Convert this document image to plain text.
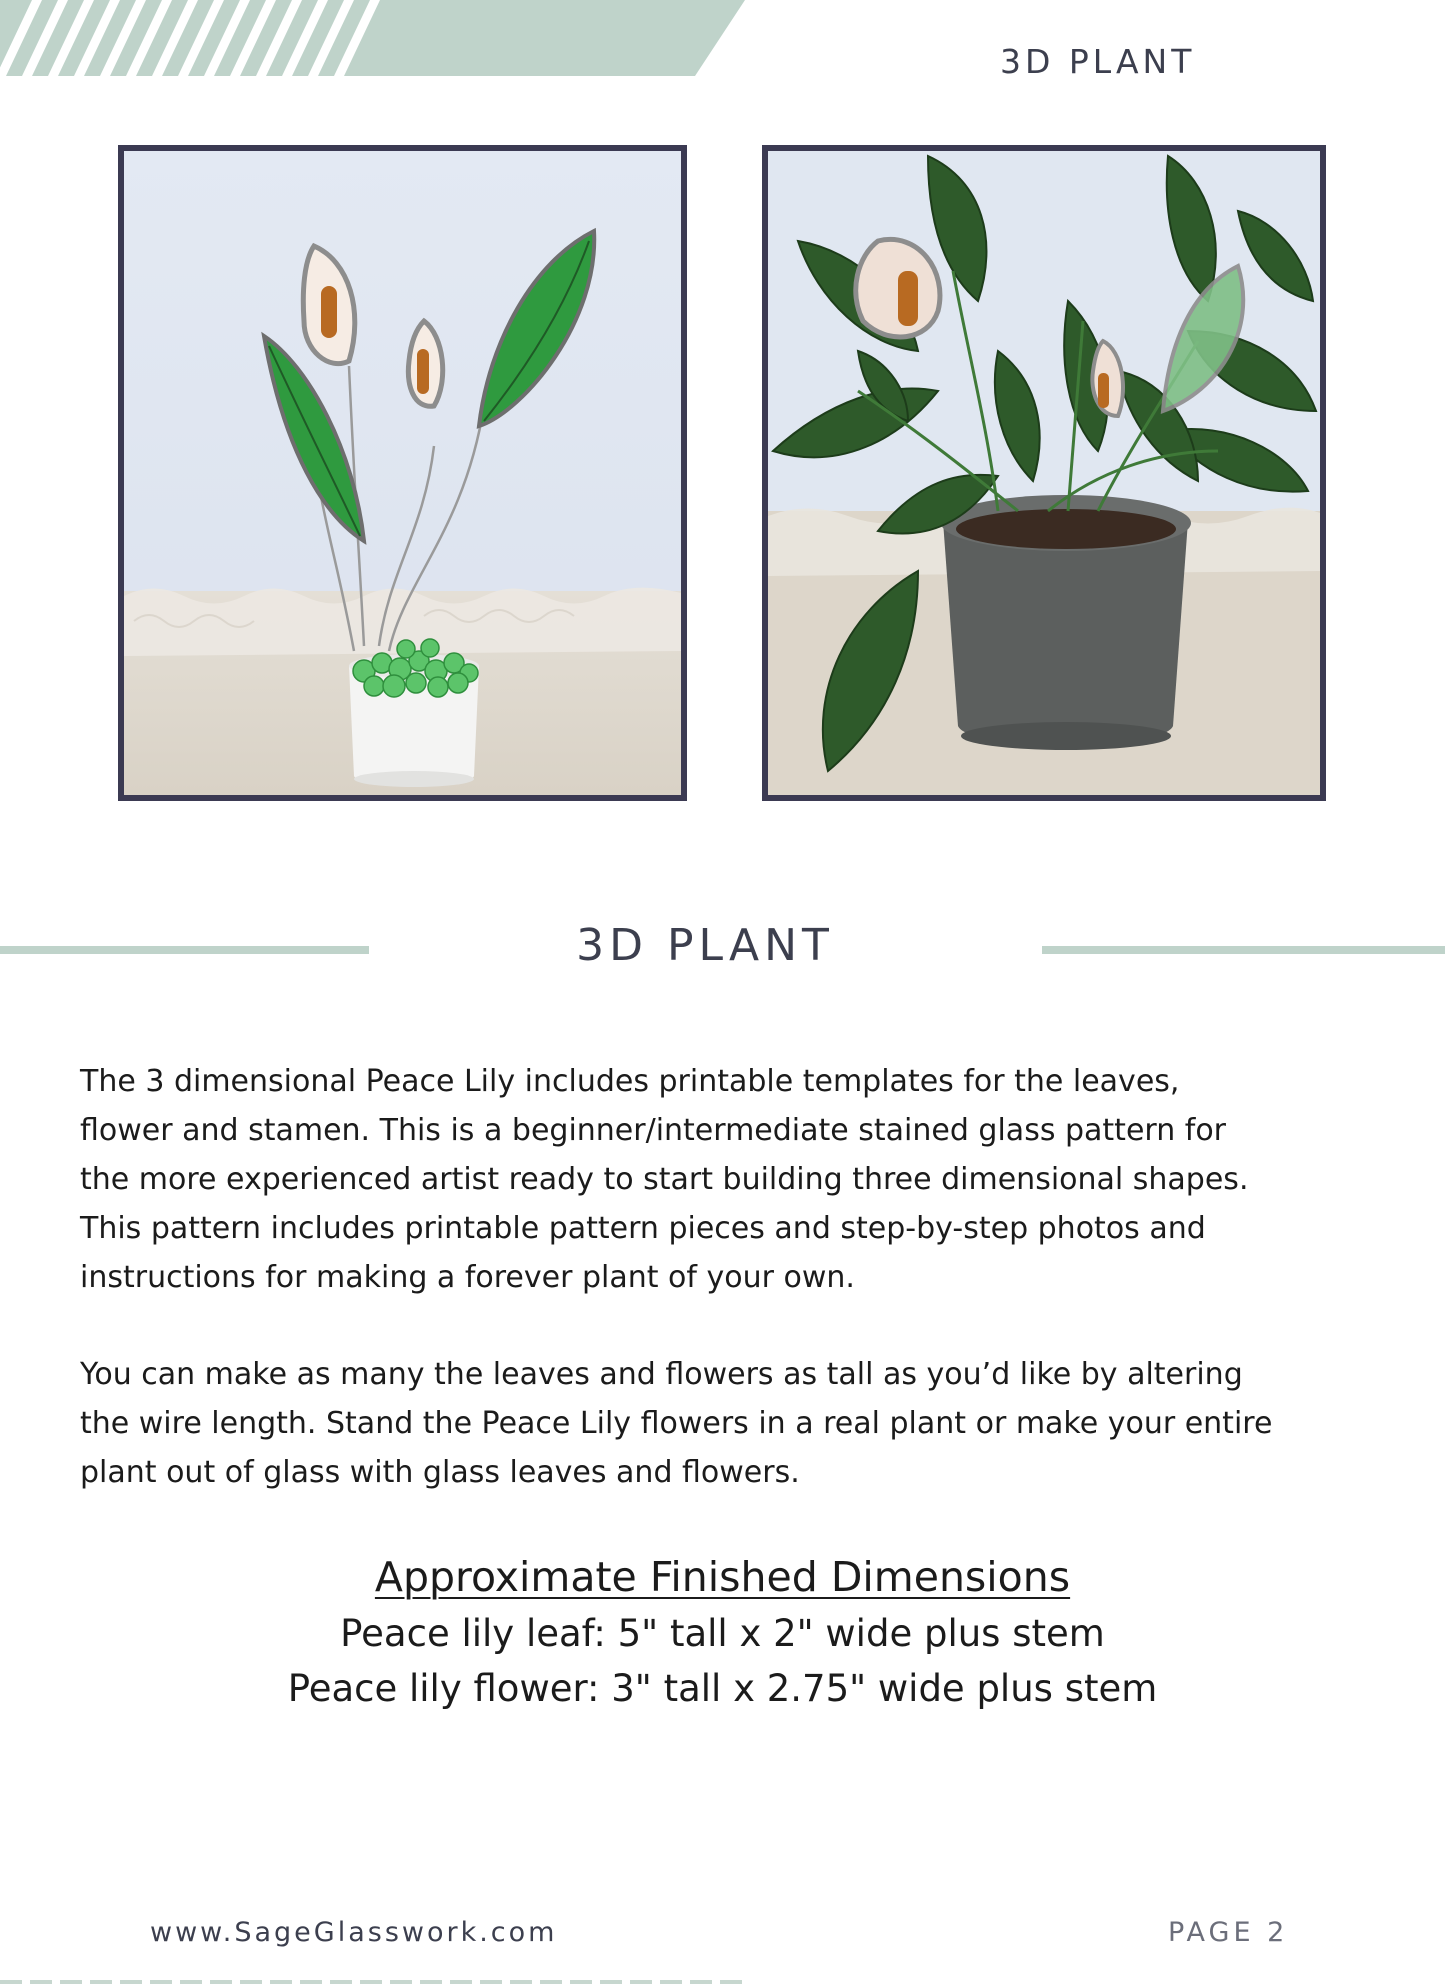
3D PLANT
3D PLANT
The 3 dimensional Peace Lily includes printable templates for the leaves,
flower and stamen. This is a beginner/intermediate stained glass pattern for
the more experienced artist ready to start building three dimensional shapes.
This pattern includes printable pattern pieces and step-by-step photos and
instructions for making a forever plant of your own.
You can make as many the leaves and flowers as tall as you’d like by altering
the wire length. Stand the Peace Lily flowers in a real plant or make your entire
plant out of glass with glass leaves and flowers.
Approximate Finished Dimensions
Peace lily leaf: 5" tall x 2" wide plus stem
Peace lily flower: 3" tall x 2.75" wide plus stem
www.SageGlasswork.com	PAGE 2
